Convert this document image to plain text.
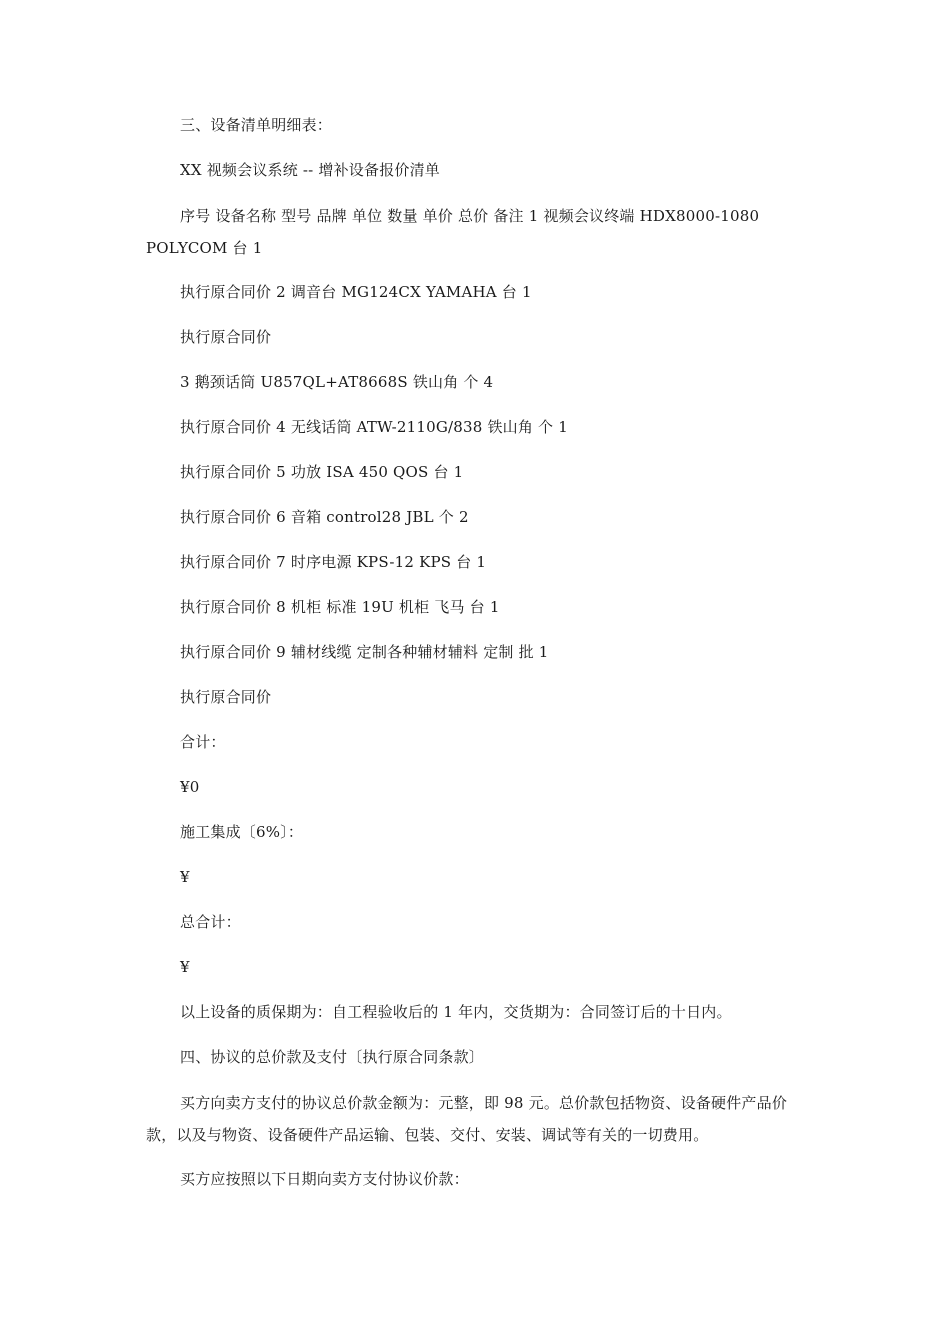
三、设备清单明细表：
XX 视频会议系统 -- 增补设备报价清单
序号 设备名称 型号 品牌 单位 数量 单价 总价 备注 1 视频会议终端 HDX8000-1080 POLYCOM 台 1
执行原合同价 2 调音台 MG124CX YAMAHA 台 1
执行原合同价
3 鹅颈话筒 U857QL+AT8668S 铁山角 个 4
执行原合同价 4 无线话筒 ATW-2110G/838 铁山角 个 1
执行原合同价 5 功放 ISA 450 QOS 台 1
执行原合同价 6 音箱 control28 JBL 个 2
执行原合同价 7 时序电源 KPS-12 KPS 台 1
执行原合同价 8 机柜 标准 19U 机柜 飞马 台 1
执行原合同价 9 辅材线缆 定制各种辅材辅料 定制 批 1
执行原合同价
合计：
¥0
施工集成〔6%〕：
¥
总合计：
¥
以上设备的质保期为：自工程验收后的 1 年内，交货期为：合同签订后的十日内。
四、协议的总价款及支付〔执行原合同条款〕
买方向卖方支付的协议总价款金额为：元整，即 98 元。总价款包括物资、设备硬件产品价款，以及与物资、设备硬件产品运输、包装、交付、安装、调试等有关的一切费用。
买方应按照以下日期向卖方支付协议价款：
